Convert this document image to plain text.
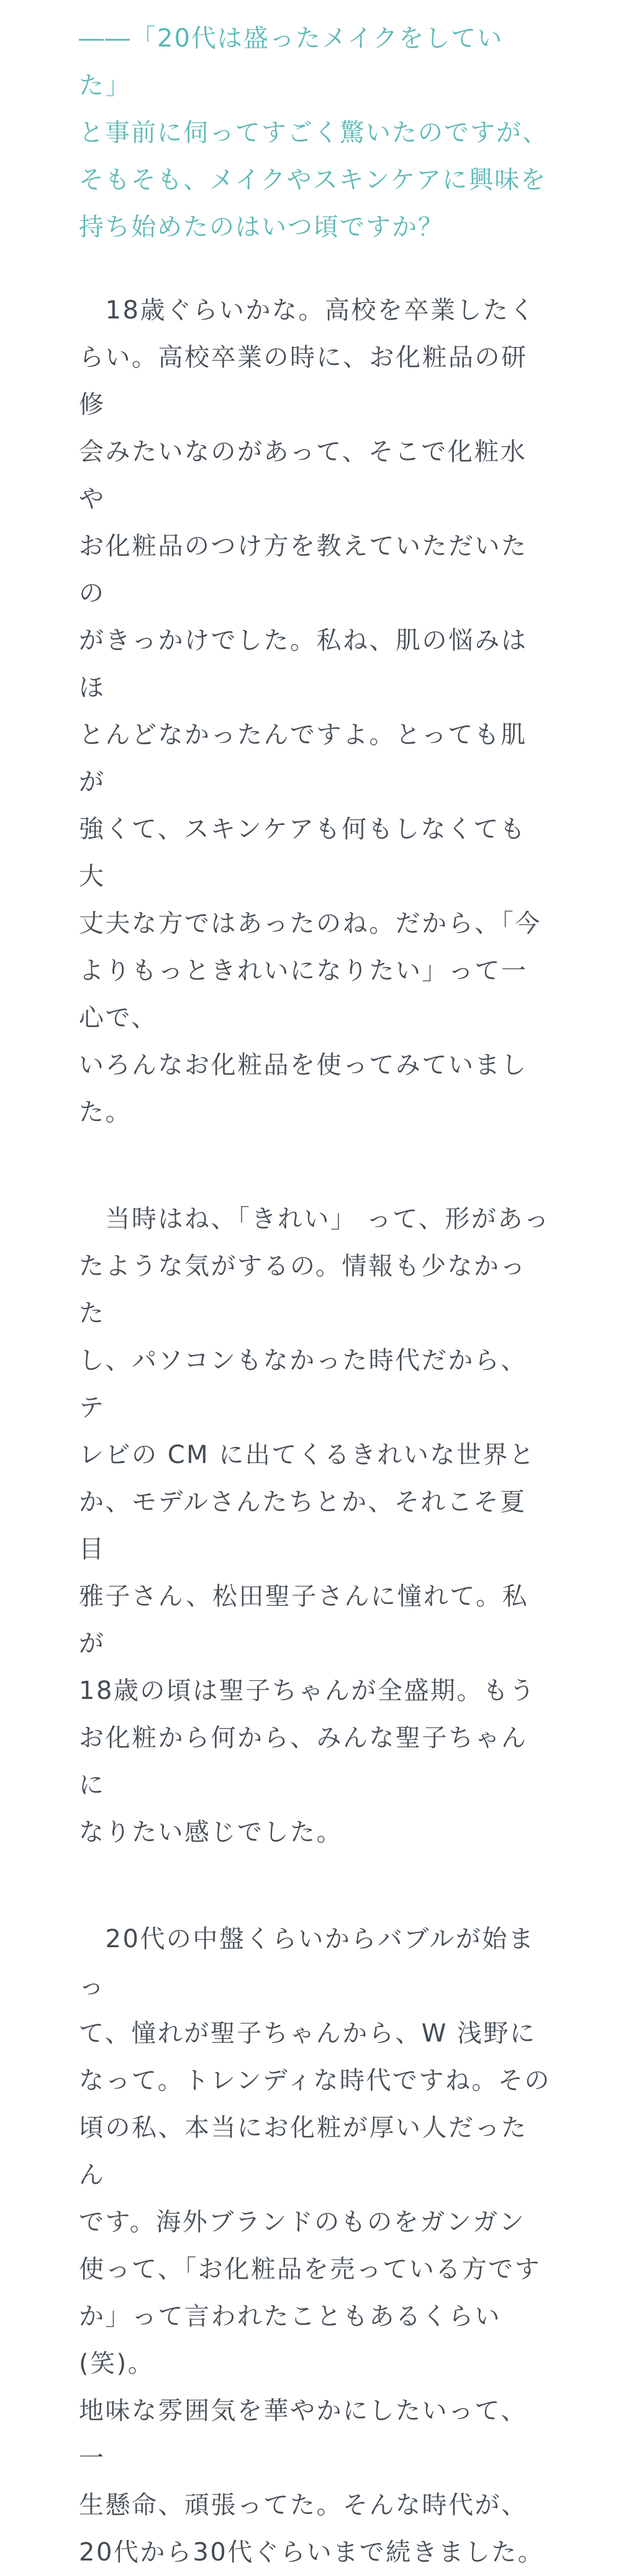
――「20代は盛ったメイクをしていた」
と事前に伺ってすごく驚いたのですが、
そもそも、メイクやスキンケアに興味を
持ち始めたのはいつ頃ですか？

　18歳ぐらいかな。高校を卒業したく
らい。高校卒業の時に、お化粧品の研修
会みたいなのがあって、そこで化粧水や
お化粧品のつけ方を教えていただいたの
がきっかけでした。私ね、肌の悩みはほ
とんどなかったんですよ。とっても肌が
強くて、スキンケアも何もしなくても大
丈夫な方ではあったのね。だから、「今
よりもっときれいになりたい」って一心で、
いろんなお化粧品を使ってみていました。

　当時はね、「きれい」 って、形があっ
たような気がするの。情報も少なかった
し、パソコンもなかった時代だから、テ
レビの CM に出てくるきれいな世界と
か、モデルさんたちとか、それこそ夏目
雅子さん、松田聖子さんに憧れて。私が
18歳の頃は聖子ちゃんが全盛期。もう
お化粧から何から、みんな聖子ちゃんに
なりたい感じでした。

　20代の中盤くらいからバブルが始まっ
て、憧れが聖子ちゃんから、W 浅野に
なって。トレンディな時代ですね。その
頃の私、本当にお化粧が厚い人だったん
です。海外ブランドのものをガンガン
使って、「お化粧品を売っている方です
か」って言われたこともあるくらい(笑)。
地味な雰囲気を華やかにしたいって、一
生懸命、頑張ってた。そんな時代が、
20代から30代ぐらいまで続きました。
